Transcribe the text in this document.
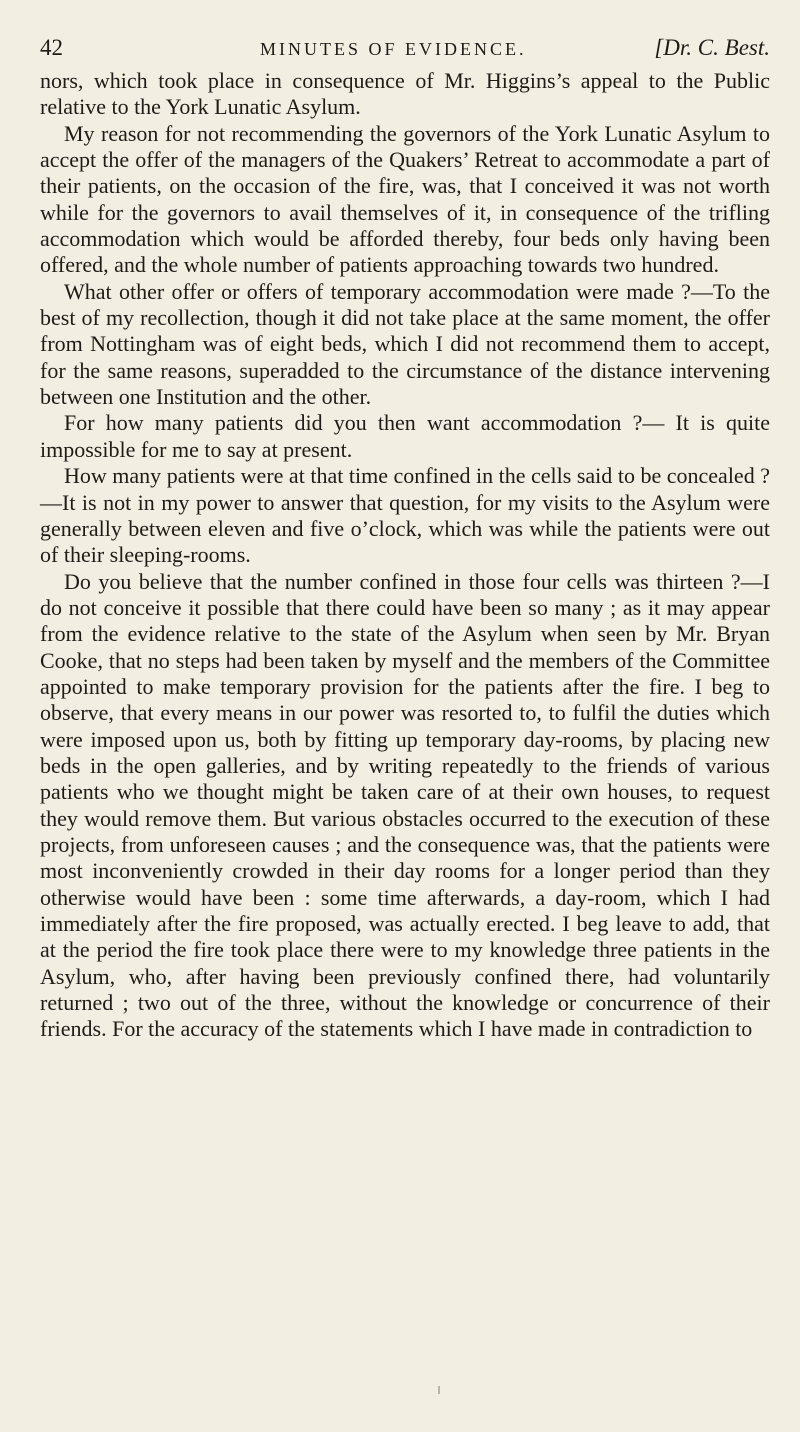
42	MINUTES OF EVIDENCE.	[Dr. C. Best.

nors, which took place in consequence of Mr. Higgins’s appeal to the Public relative to the York Lunatic Asylum.

My reason for not recommending the governors of the York Lunatic Asylum to accept the offer of the managers of the Quakers’ Retreat to accommodate a part of their patients, on the occasion of the fire, was, that I conceived it was not worth while for the governors to avail themselves of it, in consequence of the trifling accommodation which would be afforded thereby, four beds only having been offered, and the whole number of patients approaching towards two hundred.

What other offer or offers of temporary accommodation were made ?—To the best of my recollection, though it did not take place at the same moment, the offer from Nottingham was of eight beds, which I did not recommend them to accept, for the same reasons, superadded to the circumstance of the distance intervening between one Institution and the other.

For how many patients did you then want accommodation ?— It is quite impossible for me to say at present.

How many patients were at that time confined in the cells said to be concealed ?—It is not in my power to answer that question, for my visits to the Asylum were generally between eleven and five o’clock, which was while the patients were out of their sleeping-rooms.

Do you believe that the number confined in those four cells was thirteen ?—I do not conceive it possible that there could have been so many ; as it may appear from the evidence relative to the state of the Asylum when seen by Mr. Bryan Cooke, that no steps had been taken by myself and the members of the Committee appointed to make temporary provision for the patients after the fire. I beg to observe, that every means in our power was resorted to, to fulfil the duties which were imposed upon us, both by fitting up temporary day-rooms, by placing new beds in the open galleries, and by writing repeatedly to the friends of various patients who we thought might be taken care of at their own houses, to request they would remove them. But various obstacles occurred to the execution of these projects, from unforeseen causes ; and the consequence was, that the patients were most inconveniently crowded in their day rooms for a longer period than they otherwise would have been : some time afterwards, a day-room, which I had immediately after the fire proposed, was actually erected. I beg leave to add, that at the period the fire took place there were to my knowledge three patients in the Asylum, who, after having been previously confined there, had voluntarily returned ; two out of the three, without the knowledge or concurrence of their friends. For the accuracy of the statements which I have made in contradiction to
